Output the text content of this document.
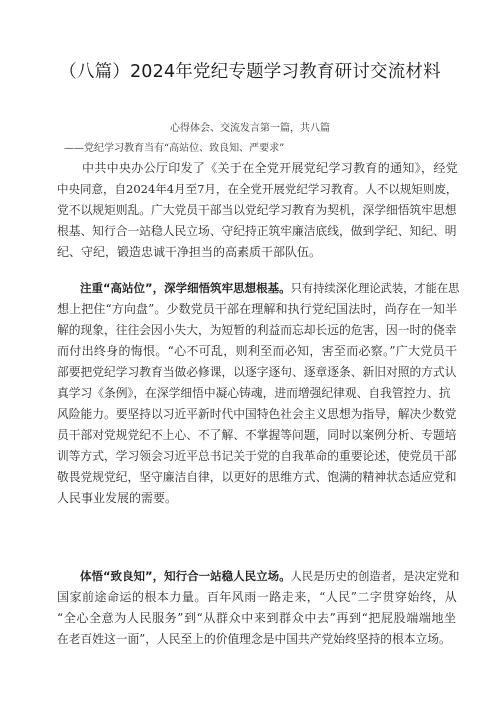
（八篇）2024年党纪专题学习教育研讨交流材料
心得体会、交流发言第一篇，共八篇
——党纪学习教育当有“高站位、致良知、严要求”
中共中央办公厅印发了《关于在全党开展党纪学习教育的通知》，经党
中央同意，自2024年4月至7月，在全党开展党纪学习教育。人不以规矩则废，
党不以规矩则乱。广大党员干部当以党纪学习教育为契机，深学细悟筑牢思想
根基、知行合一站稳人民立场、守纪持正筑牢廉洁底线，做到学纪、知纪、明
纪、守纪，锻造忠诚干净担当的高素质干部队伍。
注重“高站位”，深学细悟筑牢思想根基。只有持续深化理论武装，才能在思
想上把住“方向盘”。少数党员干部在理解和执行党纪国法时，尚存在一知半
解的现象，往往会因小失大，为短暂的利益而忘却长远的危害，因一时的侥幸
而付出终身的悔恨。“心不可乱，则利至而必知，害至而必察。”广大党员干
部要把党纪学习教育当做必修课，以逐字逐句、逐章逐条、新旧对照的方式认
真学习《条例》，在深学细悟中凝心铸魂，进而增强纪律观、自我管控力、抗
风险能力。要坚持以习近平新时代中国特色社会主义思想为指导，解决少数党
员干部对党规党纪不上心、不了解、不掌握等问题，同时以案例分析、专题培
训等方式，学习领会习近平总书记关于党的自我革命的重要论述，使党员干部
敬畏党规党纪，坚守廉洁自律，以更好的思维方式、饱满的精神状态适应党和
人民事业发展的需要。
体悟“致良知”，知行合一站稳人民立场。人民是历史的创造者，是决定党和
国家前途命运的根本力量。百年风雨一路走来，“人民”二字贯穿始终，从
“全心全意为人民服务”到“从群众中来到群众中去”再到“把屁股端端地坐
在老百姓这一面”，人民至上的价值理念是中国共产党始终坚持的根本立场。
